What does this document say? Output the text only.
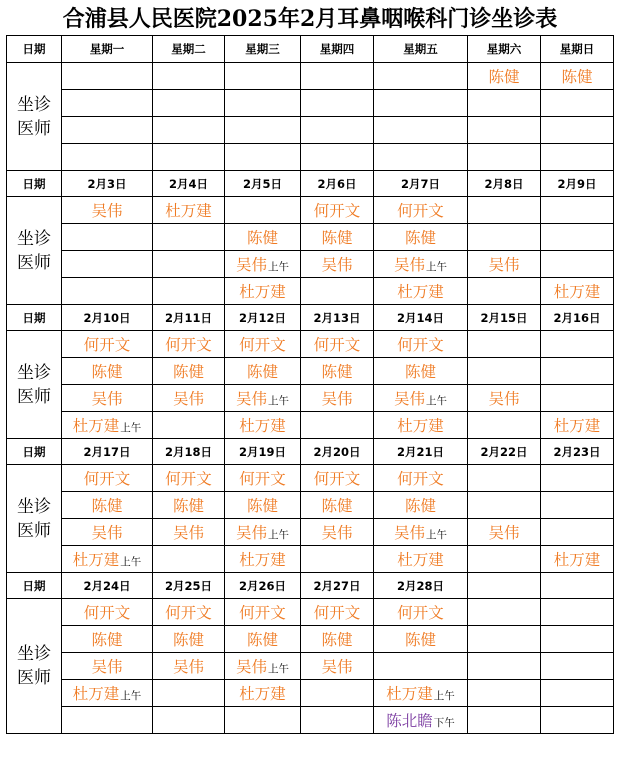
合浦县人民医院2025年2月耳鼻咽喉科门诊坐诊表
日期	星期一	星期二	星期三	星期四	星期五	星期六	星期日

坐诊
医师						陈健	陈健

日期	2月3日	2月4日	2月5日	2月6日	2月7日	2月8日	2月9日

坐诊
医师	吴伟	杜万建		何开文	何开文		
			陈健	陈健	陈健		
			吴伟上午	吴伟	吴伟上午	吴伟	
			杜万建		杜万建		杜万建
日期	2月10日	2月11日	2月12日	2月13日	2月14日	2月15日	2月16日

坐诊
医师	何开文	何开文	何开文	何开文	何开文		
	陈健	陈健	陈健	陈健	陈健		
	吴伟	吴伟	吴伟上午	吴伟	吴伟上午	吴伟	
	杜万建上午		杜万建		杜万建		杜万建
日期	2月17日	2月18日	2月19日	2月20日	2月21日	2月22日	2月23日

坐诊
医师	何开文	何开文	何开文	何开文	何开文		
	陈健	陈健	陈健	陈健	陈健		
	吴伟	吴伟	吴伟上午	吴伟	吴伟上午	吴伟	
	杜万建上午		杜万建		杜万建		杜万建
日期	2月24日	2月25日	2月26日	2月27日	2月28日		

坐诊
医师	何开文	何开文	何开文	何开文	何开文		
	陈健	陈健	陈健	陈健	陈健		
	吴伟	吴伟	吴伟上午	吴伟			
	杜万建上午		杜万建		杜万建上午		
					陈北瞻下午		
